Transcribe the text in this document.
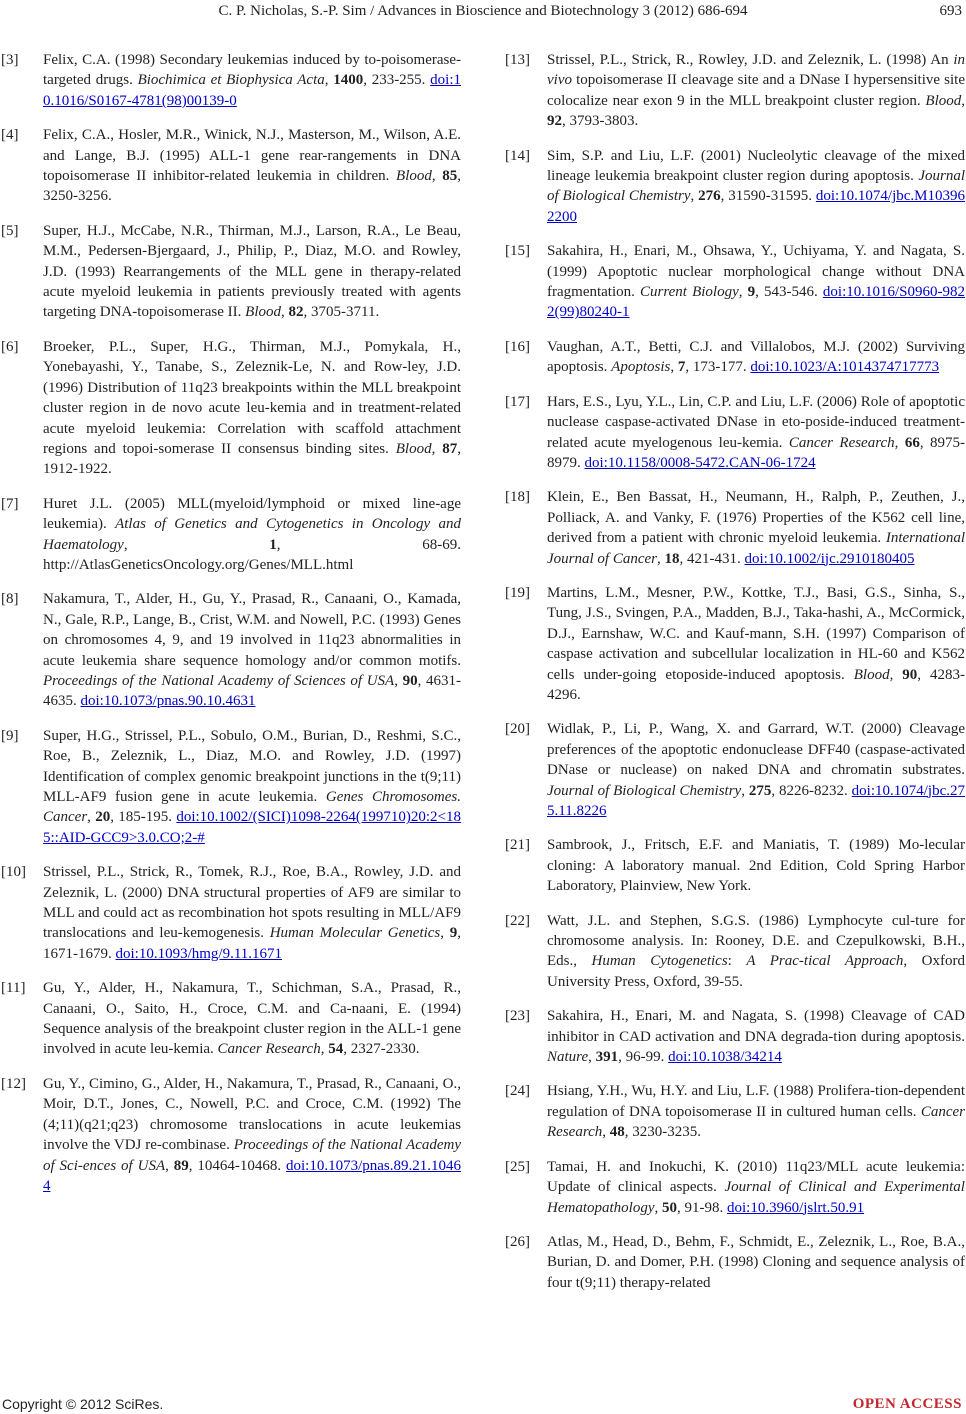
C. P. Nicholas, S.-P. Sim / Advances in Bioscience and Biotechnology 3 (2012) 686-694	693
[3]	Felix, C.A. (1998) Secondary leukemias induced by to-poisomerase-targeted drugs. Biochimica et Biophysica Acta, 1400, 233-255. doi:10.1016/S0167-4781(98)00139-0
[4]	Felix, C.A., Hosler, M.R., Winick, N.J., Masterson, M., Wilson, A.E. and Lange, B.J. (1995) ALL-1 gene rear-rangements in DNA topoisomerase II inhibitor-related leukemia in children. Blood, 85, 3250-3256.
[5]	Super, H.J., McCabe, N.R., Thirman, M.J., Larson, R.A., Le Beau, M.M., Pedersen-Bjergaard, J., Philip, P., Diaz, M.O. and Rowley, J.D. (1993) Rearrangements of the MLL gene in therapy-related acute myeloid leukemia in patients previously treated with agents targeting DNA-topoisomerase II. Blood, 82, 3705-3711.
[6]	Broeker, P.L., Super, H.G., Thirman, M.J., Pomykala, H., Yonebayashi, Y., Tanabe, S., Zeleznik-Le, N. and Row-ley, J.D. (1996) Distribution of 11q23 breakpoints within the MLL breakpoint cluster region in de novo acute leu-kemia and in treatment-related acute myeloid leukemia: Correlation with scaffold attachment regions and topoi-somerase II consensus binding sites. Blood, 87, 1912-1922.
[7]	Huret J.L. (2005) MLL(myeloid/lymphoid or mixed line-age leukemia). Atlas of Genetics and Cytogenetics in Oncology and Haematology, 1, 68-69. http://AtlasGeneticsOncology.org/Genes/MLL.html
[8]	Nakamura, T., Alder, H., Gu, Y., Prasad, R., Canaani, O., Kamada, N., Gale, R.P., Lange, B., Crist, W.M. and Nowell, P.C. (1993) Genes on chromosomes 4, 9, and 19 involved in 11q23 abnormalities in acute leukemia share sequence homology and/or common motifs. Proceedings of the National Academy of Sciences of USA, 90, 4631-4635. doi:10.1073/pnas.90.10.4631
[9]	Super, H.G., Strissel, P.L., Sobulo, O.M., Burian, D., Reshmi, S.C., Roe, B., Zeleznik, L., Diaz, M.O. and Rowley, J.D. (1997) Identification of complex genomic breakpoint junctions in the t(9;11) MLL-AF9 fusion gene in acute leukemia. Genes Chromosomes. Cancer, 20, 185-195. doi:10.1002/(SICI)1098-2264(199710)20:2<185::AID-GCC9>3.0.CO;2-#
[10]	Strissel, P.L., Strick, R., Tomek, R.J., Roe, B.A., Rowley, J.D. and Zeleznik, L. (2000) DNA structural properties of AF9 are similar to MLL and could act as recombination hot spots resulting in MLL/AF9 translocations and leu-kemogenesis. Human Molecular Genetics, 9, 1671-1679. doi:10.1093/hmg/9.11.1671
[11]	Gu, Y., Alder, H., Nakamura, T., Schichman, S.A., Prasad, R., Canaani, O., Saito, H., Croce, C.M. and Ca-naani, E. (1994) Sequence analysis of the breakpoint cluster region in the ALL-1 gene involved in acute leu-kemia. Cancer Research, 54, 2327-2330.
[12]	Gu, Y., Cimino, G., Alder, H., Nakamura, T., Prasad, R., Canaani, O., Moir, D.T., Jones, C., Nowell, P.C. and Croce, C.M. (1992) The (4;11)(q21;q23) chromosome translocations in acute leukemias involve the VDJ re-combinase. Proceedings of the National Academy of Sci-ences of USA, 89, 10464-10468. doi:10.1073/pnas.89.21.10464
[13]	Strissel, P.L., Strick, R., Rowley, J.D. and Zeleznik, L. (1998) An in vivo topoisomerase II cleavage site and a DNase I hypersensitive site colocalize near exon 9 in the MLL breakpoint cluster region. Blood, 92, 3793-3803.
[14]	Sim, S.P. and Liu, L.F. (2001) Nucleolytic cleavage of the mixed lineage leukemia breakpoint cluster region during apoptosis. Journal of Biological Chemistry, 276, 31590-31595. doi:10.1074/jbc.M103962200
[15]	Sakahira, H., Enari, M., Ohsawa, Y., Uchiyama, Y. and Nagata, S. (1999) Apoptotic nuclear morphological change without DNA fragmentation. Current Biology, 9, 543-546. doi:10.1016/S0960-9822(99)80240-1
[16]	Vaughan, A.T., Betti, C.J. and Villalobos, M.J. (2002) Surviving apoptosis. Apoptosis, 7, 173-177. doi:10.1023/A:1014374717773
[17]	Hars, E.S., Lyu, Y.L., Lin, C.P. and Liu, L.F. (2006) Role of apoptotic nuclease caspase-activated DNase in eto-poside-induced treatment-related acute myelogenous leu-kemia. Cancer Research, 66, 8975-8979. doi:10.1158/0008-5472.CAN-06-1724
[18]	Klein, E., Ben Bassat, H., Neumann, H., Ralph, P., Zeuthen, J., Polliack, A. and Vanky, F. (1976) Properties of the K562 cell line, derived from a patient with chronic myeloid leukemia. International Journal of Cancer, 18, 421-431. doi:10.1002/ijc.2910180405
[19]	Martins, L.M., Mesner, P.W., Kottke, T.J., Basi, G.S., Sinha, S., Tung, J.S., Svingen, P.A., Madden, B.J., Taka-hashi, A., McCormick, D.J., Earnshaw, W.C. and Kauf-mann, S.H. (1997) Comparison of caspase activation and subcellular localization in HL-60 and K562 cells under-going etoposide-induced apoptosis. Blood, 90, 4283-4296.
[20]	Widlak, P., Li, P., Wang, X. and Garrard, W.T. (2000) Cleavage preferences of the apoptotic endonuclease DFF40 (caspase-activated DNase or nuclease) on naked DNA and chromatin substrates. Journal of Biological Chemistry, 275, 8226-8232. doi:10.1074/jbc.275.11.8226
[21]	Sambrook, J., Fritsch, E.F. and Maniatis, T. (1989) Mo-lecular cloning: A laboratory manual. 2nd Edition, Cold Spring Harbor Laboratory, Plainview, New York.
[22]	Watt, J.L. and Stephen, S.G.S. (1986) Lymphocyte cul-ture for chromosome analysis. In: Rooney, D.E. and Czepulkowski, B.H., Eds., Human Cytogenetics: A Prac-tical Approach, Oxford University Press, Oxford, 39-55.
[23]	Sakahira, H., Enari, M. and Nagata, S. (1998) Cleavage of CAD inhibitor in CAD activation and DNA degrada-tion during apoptosis. Nature, 391, 96-99. doi:10.1038/34214
[24]	Hsiang, Y.H., Wu, H.Y. and Liu, L.F. (1988) Prolifera-tion-dependent regulation of DNA topoisomerase II in cultured human cells. Cancer Research, 48, 3230-3235.
[25]	Tamai, H. and Inokuchi, K. (2010) 11q23/MLL acute leukemia: Update of clinical aspects. Journal of Clinical and Experimental Hematopathology, 50, 91-98. doi:10.3960/jslrt.50.91
[26]	Atlas, M., Head, D., Behm, F., Schmidt, E., Zeleznik, L., Roe, B.A., Burian, D. and Domer, P.H. (1998) Cloning and sequence analysis of four t(9;11) therapy-related
Copyright © 2012 SciRes.	OPEN ACCESS
